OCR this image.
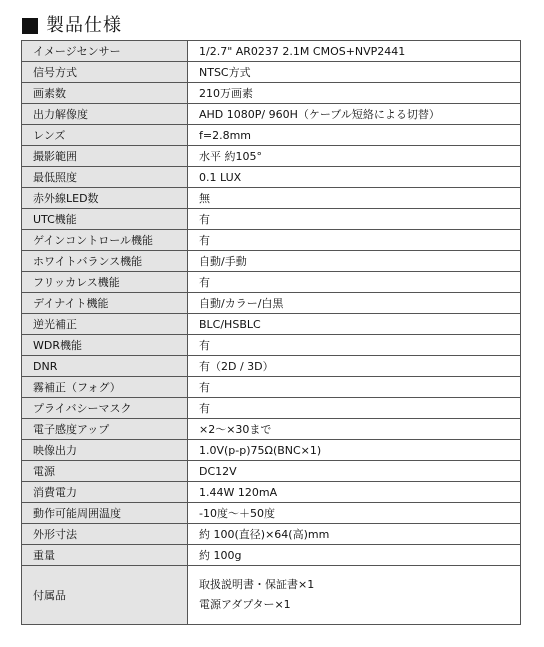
製品仕様
イメージセンサー	1/2.7" AR0237 2.1M CMOS+NVP2441
信号方式	NTSC方式
画素数	210万画素
出力解像度	AHD 1080P/ 960H（ケーブル短絡による切替）
レンズ	f=2.8mm
撮影範囲	水平 約105°
最低照度	0.1 LUX
赤外線LED数	無
UTC機能	有
ゲインコントロール機能	有
ホワイトバランス機能	自動/手動
フリッカレス機能	有
デイナイト機能	自動/カラー/白黒
逆光補正	BLC/HSBLC
WDR機能	有
DNR	有（2D / 3D）
霧補正（フォグ）	有
プライバシーマスク	有
電子感度アップ	×2～×30まで
映像出力	1.0V(p-p)75Ω(BNC×1)
電源	DC12V
消費電力	1.44W 120mA
動作可能周囲温度	-10度～＋50度
外形寸法	約 100(直径)×64(高)mm
重量	約 100g
付属品	取扱説明書・保証書×1
電源アダプター×1
